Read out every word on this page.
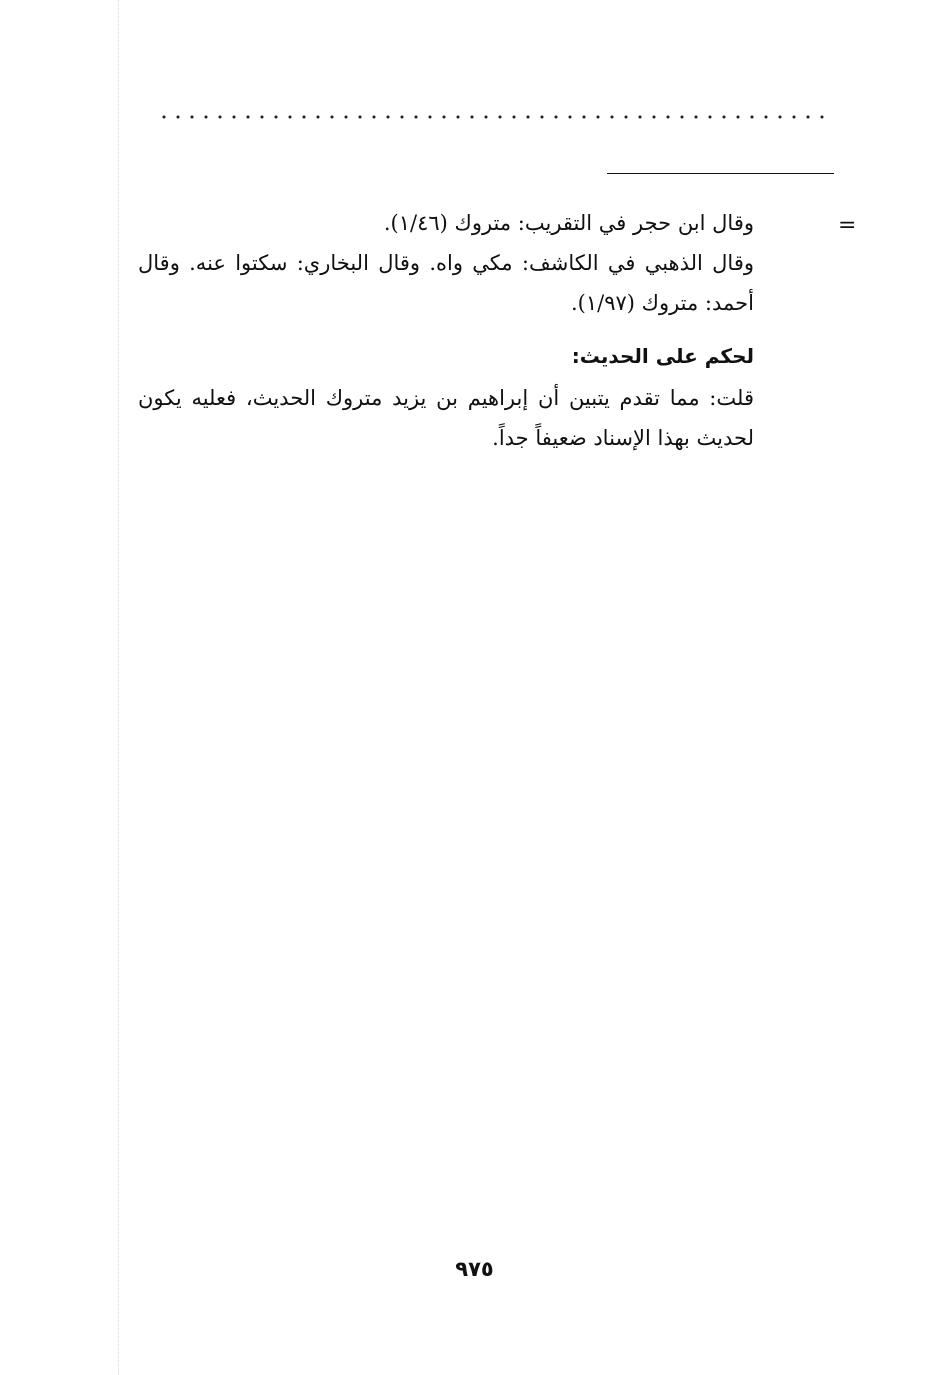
=

وقال ابن حجر في التقريب: متروك (١/٤٦).

وقال الذهبي في الكاشف: مكي واه. وقال البخاري: سكتوا عنه. وقال أحمد: متروك (١/٩٧).

لحكم على الحديث:

قلت: مما تقدم يتبين أن إبراهيم بن يزيد متروك الحديث، فعليه يكون لحديث بهذا الإسناد ضعيفاً جداً.

٩٧٥
